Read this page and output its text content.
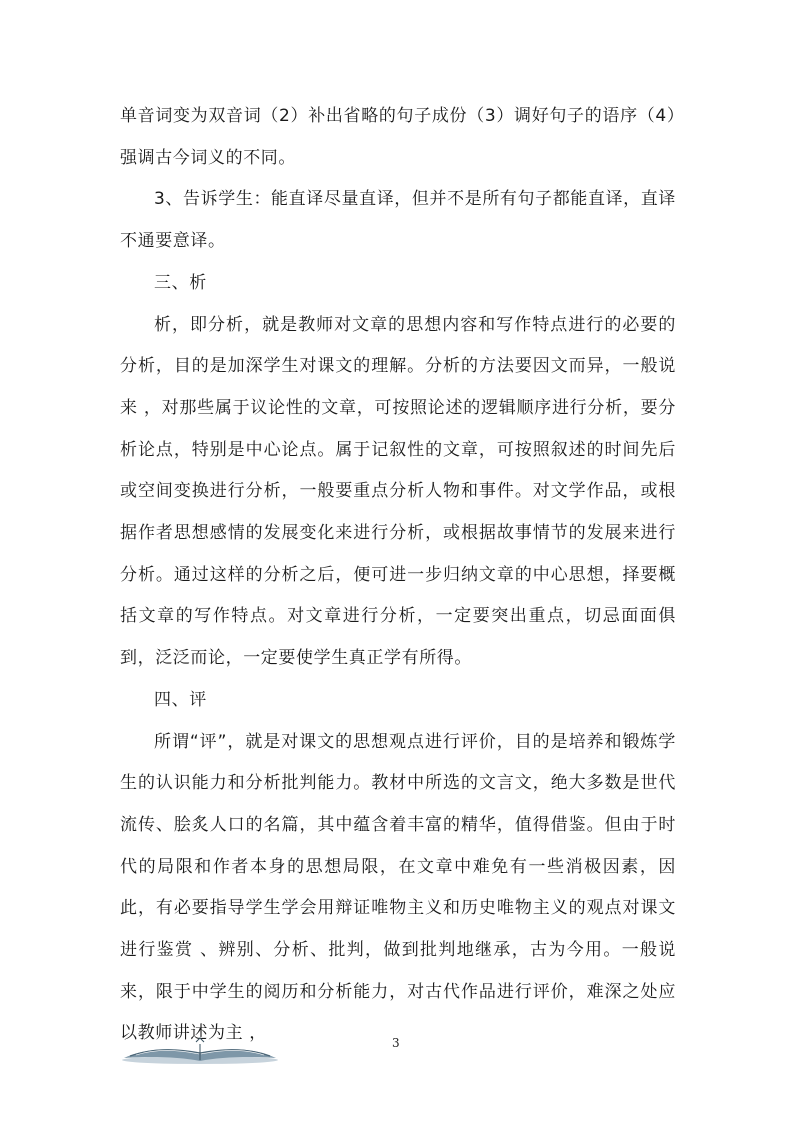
单音词变为双音词（2）补出省略的句子成份（3）调好句子的语序（4）强调古今词义的不同。

3、告诉学生：能直译尽量直译，但并不是所有句子都能直译，直译不通要意译。

三、析

析，即分析，就是教师对文章的思想内容和写作特点进行的必要的分析，目的是加深学生对课文的理解。分析的方法要因文而异，一般说来 ，对那些属于议论性的文章，可按照论述的逻辑顺序进行分析，要分析论点，特别是中心论点。属于记叙性的文章，可按照叙述的时间先后或空间变换进行分析，一般要重点分析人物和事件。对文学作品，或根据作者思想感情的发展变化来进行分析，或根据故事情节的发展来进行分析。通过这样的分析之后，便可进一步归纳文章的中心思想，择要概括文章的写作特点。对文章进行分析，一定要突出重点，切忌面面俱到，泛泛而论，一定要使学生真正学有所得。

四、评

所谓“评”，就是对课文的思想观点进行评价，目的是培养和锻炼学生的认识能力和分析批判能力。教材中所选的文言文，绝大多数是世代流传、脍炙人口的名篇，其中蕴含着丰富的精华，值得借鉴。但由于时代的局限和作者本身的思想局限，在文章中难免有一些消极因素，因此，有必要指导学生学会用辩证唯物主义和历史唯物主义的观点对课文进行鉴赏 、辨别、分析、批判，做到批判地继承，古为今用。一般说来，限于中学生的阅历和分析能力，对古代作品进行评价，难深之处应以教师讲述为主 ，	3
